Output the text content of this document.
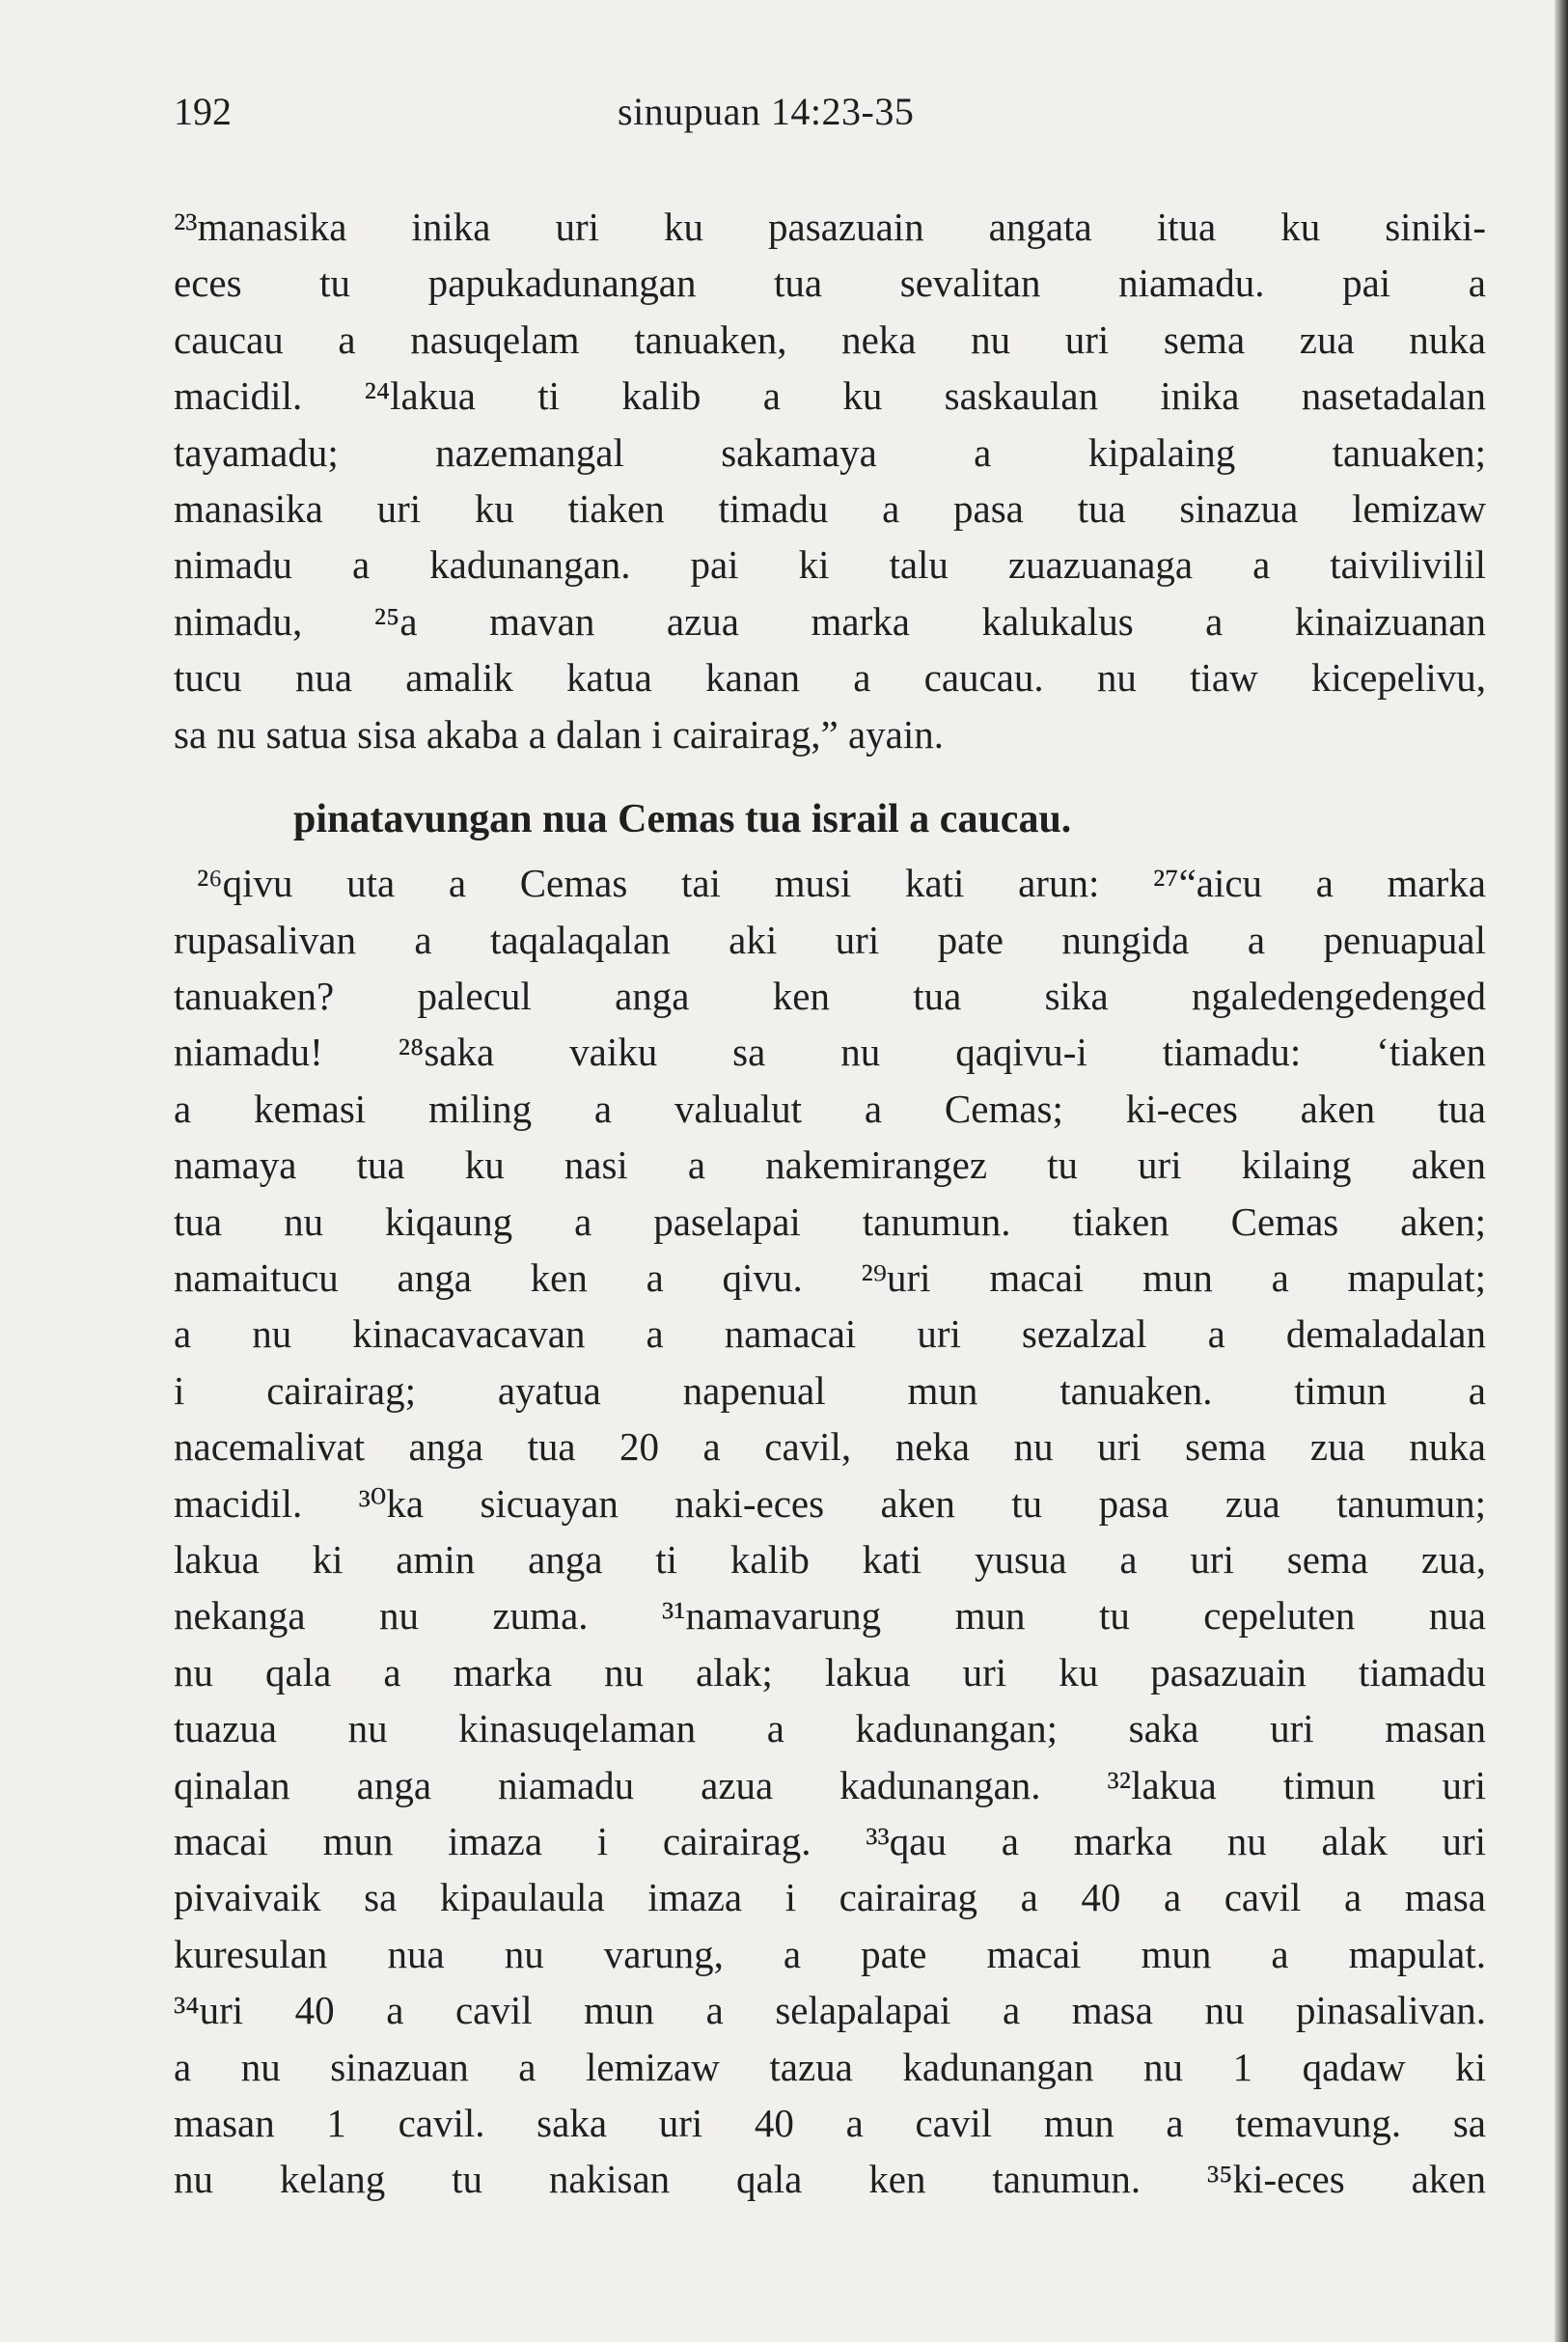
192	sinupuan 14:23-35
²³manasika inika uri ku pasazuain angata itua ku siniki-
eces tu papukadunangan tua sevalitan niamadu. pai a
caucau a nasuqelam tanuaken, neka nu uri sema zua nuka
macidil. ²⁴lakua ti kalib a ku saskaulan inika nasetadalan
tayamadu; nazemangal sakamaya a kipalaing tanuaken;
manasika uri ku tiaken timadu a pasa tua sinazua lemizaw
nimadu a kadunangan. pai ki talu zuazuanaga a taivilivilil
nimadu, ²⁵a mavan azua marka kalukalus a kinaizuanan
tucu nua amalik katua kanan a caucau. nu tiaw kicepelivu,
sa nu satua sisa akaba a dalan i cairairag,” ayain.
pinatavungan nua Cemas tua israil a caucau.
²⁶qivu uta a Cemas tai musi kati arun: ²⁷“aicu a marka
rupasalivan a taqalaqalan aki uri pate nungida a penuapual
tanuaken? palecul anga ken tua sika ngaledengedenged
niamadu! ²⁸saka vaiku sa nu qaqivu-i tiamadu: ‘tiaken
a kemasi miling a valualut a Cemas; ki-eces aken tua
namaya tua ku nasi a nakemirangez tu uri kilaing aken
tua nu kiqaung a paselapai tanumun. tiaken Cemas aken;
namaitucu anga ken a qivu. ²⁹uri macai mun a mapulat;
a nu kinacavacavan a namacai uri sezalzal a demaladalan
i cairairag; ayatua napenual mun tanuaken. timun a
nacemalivat anga tua 20 a cavil, neka nu uri sema zua nuka
macidil. ³⁰ka sicuayan naki-eces aken tu pasa zua tanumun;
lakua ki amin anga ti kalib kati yusua a uri sema zua,
nekanga nu zuma. ³¹namavarung mun tu cepeluten nua
nu qala a marka nu alak; lakua uri ku pasazuain tiamadu
tuazua nu kinasuqelaman a kadunangan; saka uri masan
qinalan anga niamadu azua kadunangan. ³²lakua timun uri
macai mun imaza i cairairag. ³³qau a marka nu alak uri
pivaivaik sa kipaulaula imaza i cairairag a 40 a cavil a masa
kuresulan nua nu varung, a pate macai mun a mapulat.
³⁴uri 40 a cavil mun a selapalapai a masa nu pinasalivan.
a nu sinazuan a lemizaw tazua kadunangan nu 1 qadaw ki
masan 1 cavil. saka uri 40 a cavil mun a temavung. sa
nu kelang tu nakisan qala ken tanumun. ³⁵ki-eces aken
